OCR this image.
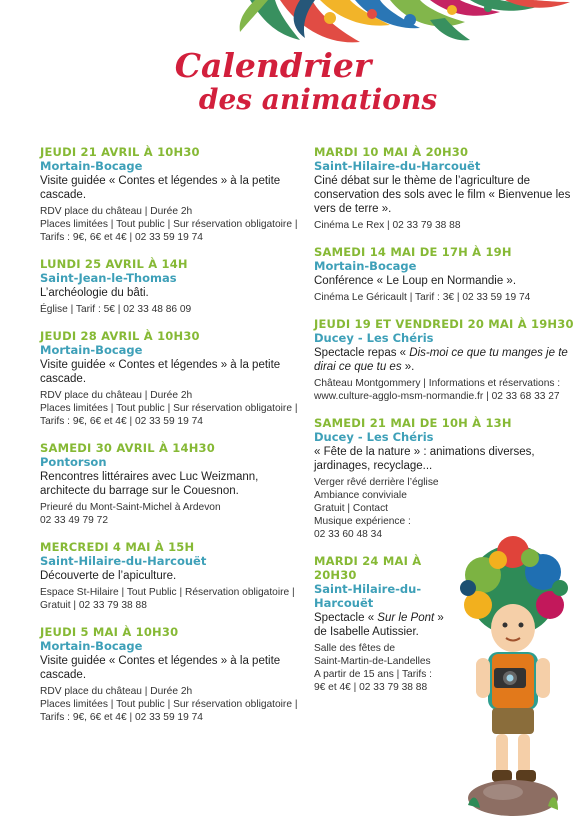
Calendrier
des animations
JEUDI 21 AVRIL À 10H30
Mortain-Bocage
Visite guidée « Contes et légendes » à la petite cascade.
RDV place du château | Durée 2h
Places limitées | Tout public | Sur réservation obligatoire | Tarifs : 9€, 6€ et 4€ | 02 33 59 19 74
LUNDI 25 AVRIL À 14H
Saint-Jean-le-Thomas
L’archéologie du bâti.
Église | Tarif : 5€ | 02 33 48 86 09
JEUDI 28 AVRIL À 10H30
Mortain-Bocage
Visite guidée « Contes et légendes » à la petite cascade.
RDV place du château | Durée 2h
Places limitées | Tout public | Sur réservation obligatoire | Tarifs : 9€, 6€ et 4€ | 02 33 59 19 74
SAMEDI 30 AVRIL À 14H30
Pontorson
Rencontres littéraires avec Luc Weizmann, architecte du barrage sur le Couesnon.
Prieuré du Mont-Saint-Michel à Ardevon
02 33 49 79 72
MERCREDI 4 MAI À 15H
Saint-Hilaire-du-Harcouët
Découverte de l’apiculture.
Espace St-Hilaire | Tout Public | Réservation obligatoire | Gratuit | 02 33 79 38 88
JEUDI 5 MAI À 10H30
Mortain-Bocage
Visite guidée « Contes et légendes » à la petite cascade.
RDV place du château | Durée 2h
Places limitées | Tout public | Sur réservation obligatoire | Tarifs : 9€, 6€ et 4€ | 02 33 59 19 74
MARDI 10 MAI À 20H30
Saint-Hilaire-du-Harcouët
Ciné débat sur le thème de l’agriculture de conservation des sols avec le film « Bienvenue les vers de terre ».
Cinéma Le Rex | 02 33 79 38 88
SAMEDI 14 MAI DE 17H À 19H
Mortain-Bocage
Conférence « Le Loup en Normandie ».
Cinéma Le Géricault | Tarif : 3€ | 02 33 59 19 74
JEUDI 19 ET VENDREDI 20 MAI À 19H30
Ducey - Les Chéris
Spectacle repas « Dis-moi ce que tu manges je te dirai ce que tu es ».
Château Montgommery | Informations et réservations : www.culture-agglo-msm-normandie.fr | 02 33 68 33 27
SAMEDI 21 MAI DE 10H À 13H
Ducey - Les Chéris
« Fête de la nature » : animations diverses, jardinages, recyclage...
Verger rêvé derrière l’église
Ambiance conviviale
Gratuit | Contact
Musique expérience :
02 33 60 48 34
MARDI 24 MAI À 20H30
Saint-Hilaire-du-Harcouët
Spectacle « Sur le Pont » de Isabelle Autissier.
Salle des fêtes de
Saint-Martin-de-Landelles
A partir de 15 ans | Tarifs :
9€ et 4€ | 02 33 79 38 88
